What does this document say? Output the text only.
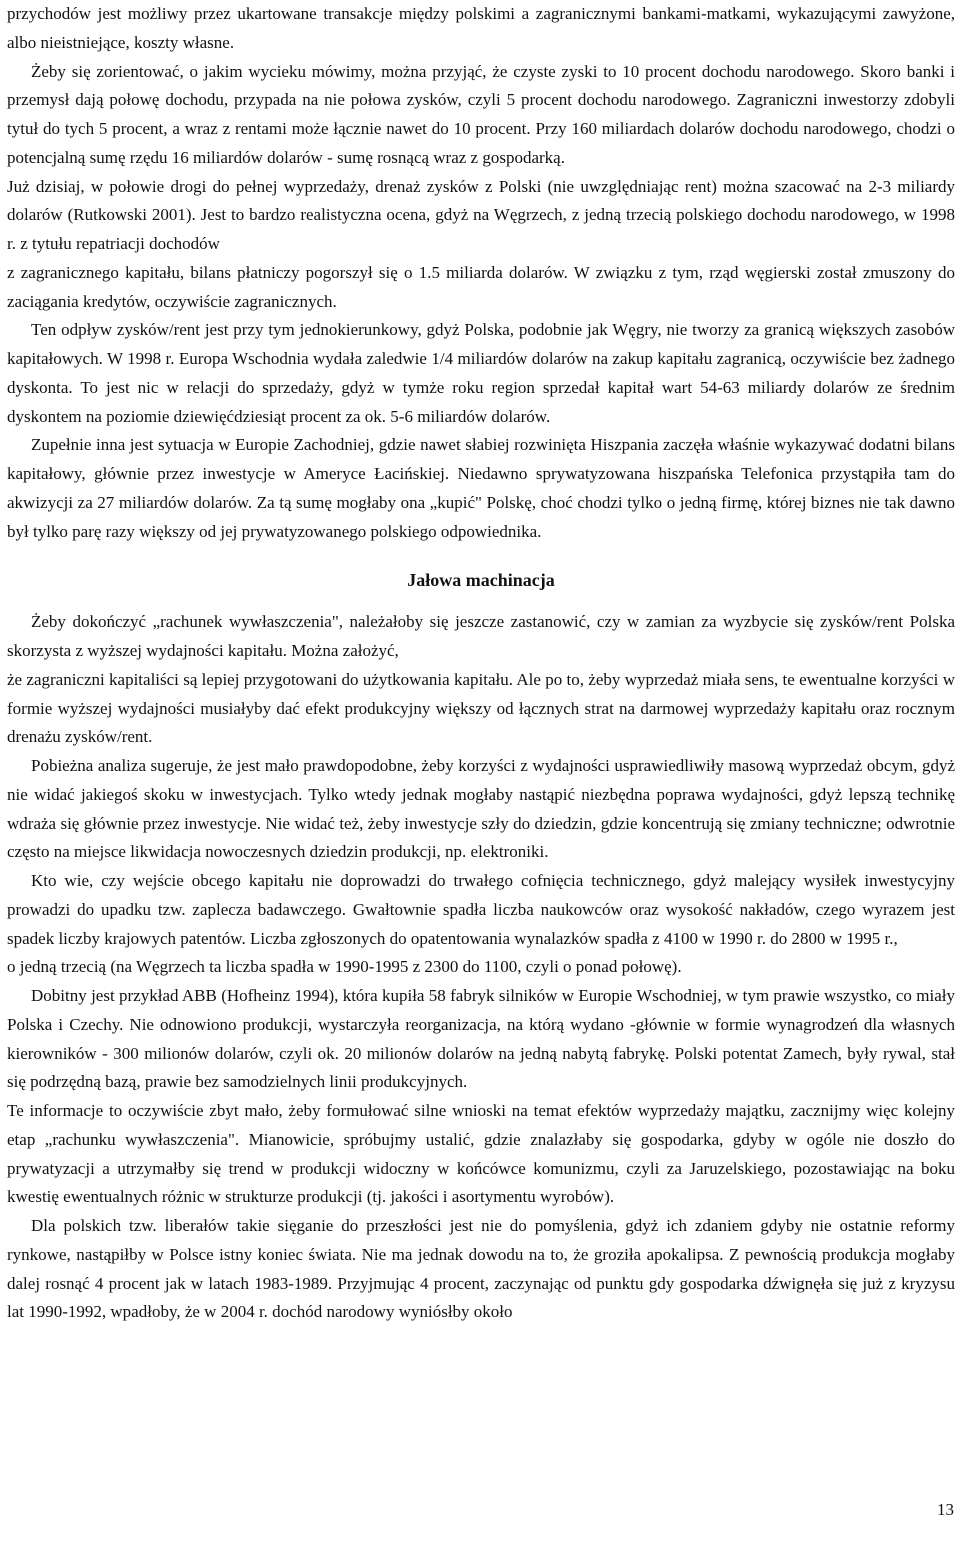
przychodów jest możliwy przez ukartowane transakcje między polskimi a zagranicznymi bankami-matkami, wykazującymi zawyżone, albo nieistniejące, koszty własne.

Żeby się zorientować, o jakim wycieku mówimy, można przyjąć, że czyste zyski to 10 procent dochodu narodowego. Skoro banki i przemysł dają połowę dochodu, przypada na nie połowa zysków, czyli 5 procent dochodu narodowego. Zagraniczni inwestorzy zdobyli tytuł do tych 5 procent, a wraz z rentami może łącznie nawet do 10 procent. Przy 160 miliardach dolarów dochodu narodowego, chodzi o potencjalną sumę rzędu 16 miliardów dolarów - sumę rosnącą wraz z gospodarką.

Już dzisiaj, w połowie drogi do pełnej wyprzedaży, drenaż zysków z Polski (nie uwzględniając rent) można szacować na 2-3 miliardy dolarów (Rutkowski 2001). Jest to bardzo realistyczna ocena, gdyż na Węgrzech, z jedną trzecią polskiego dochodu narodowego, w 1998 r. z tytułu repatriacji dochodów

z zagranicznego kapitału, bilans płatniczy pogorszył się o 1.5 miliarda dolarów. W związku z tym, rząd węgierski został zmuszony do zaciągania kredytów, oczywiście zagranicznych.

Ten odpływ zysków/rent jest przy tym jednokierunkowy, gdyż Polska, podobnie jak Węgry, nie tworzy za granicą większych zasobów kapitałowych. W 1998 r. Europa Wschodnia wydała zaledwie 1/4 miliardów dolarów na zakup kapitału zagranicą, oczywiście bez żadnego dyskonta. To jest nic w relacji do sprzedaży, gdyż w tymże roku region sprzedał kapitał wart 54-63 miliardy dolarów ze średnim dyskontem na poziomie dziewięćdziesiąt procent za ok. 5-6 miliardów dolarów.

Zupełnie inna jest sytuacja w Europie Zachodniej, gdzie nawet słabiej rozwinięta Hiszpania zaczęła właśnie wykazywać dodatni bilans kapitałowy, głównie przez inwestycje w Ameryce Łacińskiej. Niedawno sprywatyzowana hiszpańska Telefonica przystąpiła tam do akwizycji za 27 miliardów dolarów. Za tą sumę mogłaby ona „kupić" Polskę, choć chodzi tylko o jedną firmę, której biznes nie tak dawno był tylko parę razy większy od jej prywatyzowanego polskiego odpowiednika.

Jałowa machinacja

Żeby dokończyć „rachunek wywłaszczenia", należałoby się jeszcze zastanowić, czy w zamian za wyzbycie się zysków/rent Polska skorzysta z wyższej wydajności kapitału. Można założyć,

że zagraniczni kapitaliści są lepiej przygotowani do użytkowania kapitału. Ale po to, żeby wyprzedaż miała sens, te ewentualne korzyści w formie wyższej wydajności musiałyby dać efekt produkcyjny większy od łącznych strat na darmowej wyprzedaży kapitału oraz rocznym drenażu zysków/rent.

Pobieżna analiza sugeruje, że jest mało prawdopodobne, żeby korzyści z wydajności usprawiedliwiły masową wyprzedaż obcym, gdyż nie widać jakiegoś skoku w inwestycjach. Tylko wtedy jednak mogłaby nastąpić niezbędna poprawa wydajności, gdyż lepszą technikę wdraża się głównie przez inwestycje. Nie widać też, żeby inwestycje szły do dziedzin, gdzie koncentrują się zmiany techniczne; odwrotnie często na miejsce likwidacja nowoczesnych dziedzin produkcji, np. elektroniki.

Kto wie, czy wejście obcego kapitału nie doprowadzi do trwałego cofnięcia technicznego, gdyż malejący wysiłek inwestycyjny prowadzi do upadku tzw. zaplecza badawczego. Gwałtownie spadła liczba naukowców oraz wysokość nakładów, czego wyrazem jest spadek liczby krajowych patentów. Liczba zgłoszonych do opatentowania wynalazków spadła z 4100 w 1990 r. do 2800 w 1995 r.,

o jedną trzecią (na Węgrzech ta liczba spadła w 1990-1995 z 2300 do 1100, czyli o ponad połowę).

Dobitny jest przykład ABB (Hofheinz 1994), która kupiła 58 fabryk silników w Europie Wschodniej, w tym prawie wszystko, co miały Polska i Czechy. Nie odnowiono produkcji, wystarczyła reorganizacja, na którą wydano -głównie w formie wynagrodzeń dla własnych kierowników - 300 milionów dolarów, czyli ok. 20 milionów dolarów na jedną nabytą fabrykę. Polski potentat Zamech, były rywal, stał się podrzędną bazą, prawie bez samodzielnych linii produkcyjnych.

Te informacje to oczywiście zbyt mało, żeby formułować silne wnioski na temat efektów wyprzedaży majątku, zacznijmy więc kolejny etap „rachunku wywłaszczenia". Mianowicie, spróbujmy ustalić, gdzie znalazłaby się gospodarka, gdyby w ogóle nie doszło do prywatyzacji a utrzymałby się trend w produkcji widoczny w końcówce komunizmu, czyli za Jaruzelskiego, pozostawiając na boku kwestię ewentualnych różnic w strukturze produkcji (tj. jakości i asortymentu wyrobów).

Dla polskich tzw. liberałów takie sięganie do przeszłości jest nie do pomyślenia, gdyż ich zdaniem gdyby nie ostatnie reformy rynkowe, nastąpiłby w Polsce istny koniec świata. Nie ma jednak dowodu na to, że groziła apokalipsa. Z pewnością produkcja mogłaby dalej rosnąć 4 procent jak w latach 1983-1989. Przyjmując 4 procent, zaczynając od punktu gdy gospodarka dźwignęła się już z kryzysu lat 1990-1992, wpadłoby, że w 2004 r. dochód narodowy wyniósłby około

13
